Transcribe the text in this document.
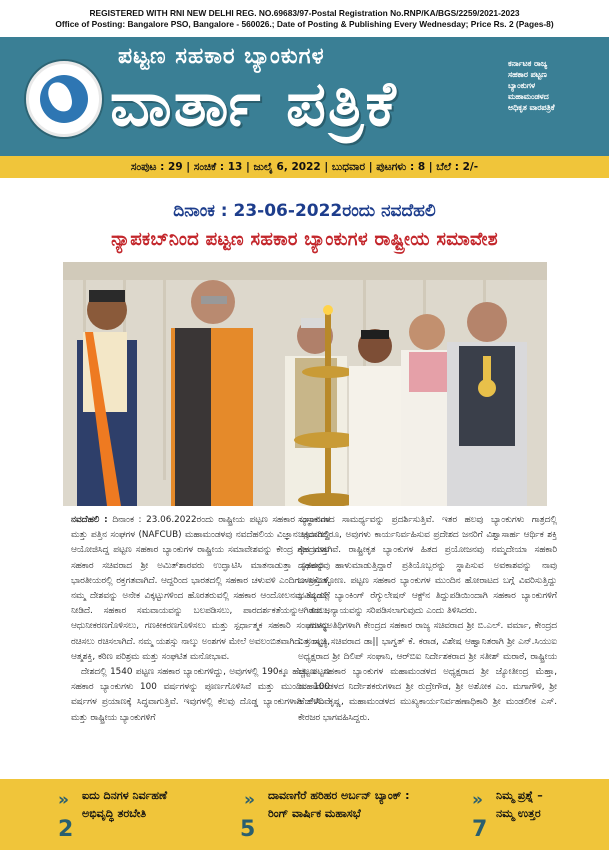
REGISTERED WITH RNI NEW DELHI REG. NO.69683/97-Postal Registration No.RNP/KA/BGS/2259/2021-2023
Office of Posting: Bangalore PSO, Bangalore - 560026.; Date of Posting & Publishing Every Wednesday; Price Rs. 2 (Pages-8)
ಪಟ್ಟಣ ಸಹಕಾರ ಬ್ಯಾಂಕುಗಳ
ವಾರ್ತಾ ಪತ್ರಿಕೆ
ಕರ್ನಾಟಕ ರಾಜ್ಯ
ಸಹಕಾರ ಪಟ್ಟಣ
ಬ್ಯಾಂಕುಗಳ
ಮಹಾಮಂಡಳದ
ಅಧಿಕೃತ ವಾರಪತ್ರಿಕೆ
ಸಂಪುಟ : 29 | ಸಂಚಿಕೆ : 13 | ಜುಲೈ 6, 2022 | ಬುಧವಾರ | ಪುಟಗಳು : 8 | ಬೆಲೆ : 2/-
ದಿನಾಂಕ : 23-06-2022ರಂದು ನವದೆಹಲಿ
ನ್ಯಾಪಕಬ್‌ನಿಂದ ಪಟ್ಟಣ ಸಹಕಾರ ಬ್ಯಾಂಕುಗಳ ರಾಷ್ಟ್ರೀಯ ಸಮಾವೇಶ

ನವದೆಹಲಿ : ದಿನಾಂಕ : 23.06.2022ರಂದು ರಾಷ್ಟ್ರೀಯ ಪಟ್ಟಣ ಸಹಕಾರ ಬ್ಯಾಂಕುಗಳ ಮತ್ತು ಪತ್ತಿನ ಸಂಘಗಳ (NAFCUB) ಮಹಾಮಂಡಳವು ನವದೆಹಲಿಯ ವಿಜ್ಞಾನ ಭವನದಲ್ಲಿ ಆಯೋಜಿಸಿದ್ದ ಪಟ್ಟಣ ಸಹಕಾರ ಬ್ಯಾಂಕುಗಳ ರಾಷ್ಟ್ರೀಯ ಸಮಾವೇಶವನ್ನು ಕೇಂದ್ರ ಗೃಹ ಮತ್ತು ಸಹಕಾರ ಸಚಿವರಾದ ಶ್ರೀ ಅಮಿತ್‌ಶಾರವರು ಉದ್ಘಾಟಿಸಿ ಮಾತನಾಡುತ್ತಾ ಸಹಕಾರವು ಭಾರತೀಯರಲ್ಲಿ ರಕ್ತಗತವಾಗಿದೆ. ಆದ್ದರಿಂದ ಭಾರತದಲ್ಲಿ ಸಹಕಾರ ಚಳುವಳಿ ಎಂದಿಗೂ ಪ್ರಸ್ತುತ. ನಮ್ಮ ದೇಶವನ್ನು ಅನೇಕ ವಿಕ್ಕಟ್ಟುಗಳಿಂದ ಹೊರತರುವಲ್ಲಿ ಸಹಕಾರ ಆಂದೋಲನವು ಕೊಡುಗೆ ನೀಡಿದೆ. ಸಹಕಾರ ಸಮವಾಯವನ್ನು ಬಲಪಡಿಸಲು, ಪಾರದರ್ಶಕತೆಯನ್ನು ತರಲು, ಆಧುನೀಕರಣಗೊಳಿಸಲು, ಗಣಕೀಕರಣಗೊಳಿಸಲು ಮತ್ತು ಸ್ಪರ್ಧಾತ್ಮಕ ಸಹಕಾರಿ ಸಂಘಗಳನ್ನು ರಚಿಸಲು ರಚಿಸಲಾಗಿದೆ. ನಮ್ಮ ಯಶಸ್ಸು ನಾಲ್ಕು ಅಂಶಗಳ ಮೇಲೆ ಅವಲಂಬಿತವಾಗಿದೆ. ಸಂಸ್ಕೃತಿ, ಆತ್ಮಶಕ್ತಿ, ಕಠಿಣ ಪರಿಶ್ರಮ ಮತ್ತು ಸಂಘಟಿತ ಮನೋಭಾವ.

ದೇಶದಲ್ಲಿ 1540 ಪಟ್ಟಣ ಸಹಕಾರ ಬ್ಯಾಂಕುಗಳಿದ್ದು, ಅವುಗಳಲ್ಲಿ 190ಕ್ಕೂ ಹೆಚ್ಚು ಪಟ್ಟಣ ಸಹಕಾರ ಬ್ಯಾಂಕುಗಳು 100 ವರ್ಷಗಳನ್ನು ಪೂರ್ಣಗೊಳಿಸಿವೆ ಮತ್ತು ಮುಂದಿನ 100 ವರ್ಷಗಳ ಪ್ರಯಾಣಕ್ಕೆ ಸಿದ್ಧವಾಗುತ್ತಿವೆ. ಇವುಗಳಲ್ಲಿ ಕೆಲವು ದೊಡ್ಡ ಬ್ಯಾಂಕುಗಳಾಗಿ ಬೆಳೆದಿವೆ ಮತ್ತು ರಾಷ್ಟ್ರೀಯ ಬ್ಯಾಂಕುಗಳಿಗೆ

ಸಂಸ್ಥಾನವಾದ ಸಾಮರ್ಥ್ಯವನ್ನು ಪ್ರದರ್ಶಿಸುತ್ತಿವೆ. ಇತರ ಹಲವು ಬ್ಯಾಂಕುಗಳು ಗಾತ್ರದಲ್ಲಿ ಚಿಕ್ಕದಾಗಿದ್ದರೂ, ಅವುಗಳು ಕಾರ್ಯನಿರ್ವಹಿಸುವ ಪ್ರದೇಶದ ಜನರಿಗೆ ವಿಶ್ವಾಸಾರ್ಹ ಆರ್ಥಿಕ ಶಕ್ತಿ ಕೇಂದ್ರಗಳಾಗಿವೆ. ರಾಷ್ಟ್ರೀಕೃತ ಬ್ಯಾಂಕುಗಳ ಹಿತದ ಪ್ರಯೋಜನವು ನಮ್ಮದೇಯಾ ಸಹಕಾರಿ ದೃಢವನ್ನು ಹಾಳುಮಾಡುತ್ತಿದ್ದಾರೆ ಪ್ರತಿಯೊಬ್ಬರನ್ನು ಸ್ಥಾಪಿಸುವ ಅವಕಾಶವನ್ನು ನಾವು ಬಳಸಿಕೊಳ್ಳೋಣ. ಪಟ್ಟಣ ಸಹಕಾರ ಬ್ಯಾಂಕುಗಳ ಮುಂದಿನ ಹೋರಾಟದ ಬಗ್ಗೆ ವಿವರಿಸುತ್ತಿದ್ದು ಭವಿಷ್ಯದಲ್ಲಿ ಬ್ಯಾಂಕಿಂಗ್ ರೆಗ್ಯುಲೇಷನ್ ಆಕ್ಟ್‌ನ ತಿದ್ದುಪಡಿಯಿಂದಾಗಿ ಸಹಕಾರ ಬ್ಯಾಂಕುಗಳಿಗೆ ಆಗಿರುವ ಅನ್ಯಾಯವನ್ನು ಸರಿಪಡಿಸಲಾಗುವುದು ಎಂದು ತಿಳಿಸಿದರು.

ಮುಖ್ಯಅತಿಥಿಗಳಾಗಿ ಕೇಂದ್ರದ ಸಹಕಾರ ರಾಜ್ಯ ಸಚಿವರಾದ ಶ್ರೀ ಬಿ.ಎಲ್. ವರ್ಮಾ, ಕೇಂದ್ರದ ವಿತ್ತ ರಾಜ್ಯ ಸಚಿವರಾದ ಡಾ|| ಭಾಗ್ವತ್ ಕೆ. ಕರಾಡ, ವಿಶೇಷ ಆಹ್ವಾನಿತರಾಗಿ ಶ್ರೀ ಎನ್‌.ಸಿಯುಐ ಅಧ್ಯಕ್ಷರಾದ ಶ್ರೀ ದಿಲಿಪ್ ಸಂಘಾನಿ, ಆರ್‌ಬಿಐ ನಿರ್ದೇಶಕರಾದ ಶ್ರೀ ಸತೀಶ್ ಮರಾಠೆ, ರಾಷ್ಟ್ರೀಯ ಪಟ್ಟಣ ಸಹಕಾರ ಬ್ಯಾಂಕುಗಳ ಮಹಾಮಂಡಳದ ಅಧ್ಯಕ್ಷರಾದ ಶ್ರೀ ಜ್ಯೋತೀಂದ್ರ ಮೆಹ್ತಾ, ಮಹಾಮಂಡಳದ ನಿರ್ದೇಶಕರುಗಳಾದ ಶ್ರೀ ರುದ್ರೇಗೌಡ, ಶ್ರೀ ಅಶೋಕ ಎಂ. ಮಗಾಗೌಳಿ, ಶ್ರೀ ಹೆಚ್.ಸಿ. ಕೃಷ್ಣ, ಮಹಾಮಂಡಳದ ಮುಖ್ಯಕಾರ್ಯನಿರ್ವಹಣಾಧಿಕಾರಿ ಶ್ರೀ ಮಂಡಲೀಕ ಎಸ್. ಕೇರಜರ ಭಾಗವಹಿಸಿದ್ದರು.

»
2
ಐದು ದಿನಗಳ ನಿರ್ವಹಣೆ
ಅಭಿವೃದ್ಧಿ ತರಬೇತಿ
»
5
ದಾವಣಗೆರೆ ಹರಿಹರ ಅರ್ಬನ್ ಬ್ಯಾಂಕ್ :
ರಿಂಗ್ ವಾರ್ಷಿಕ ಮಹಾಸಭೆ
»
7
ನಿಮ್ಮ ಪ್ರಶ್ನೆ –
ನಮ್ಮ ಉತ್ತರ
